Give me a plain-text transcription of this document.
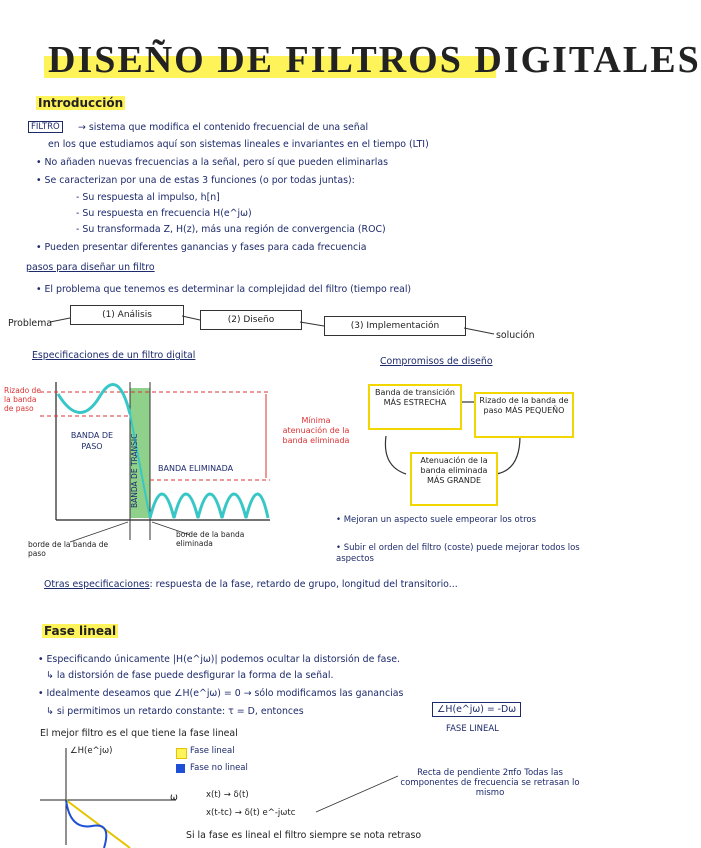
DISEÑO DE FILTROS DIGITALES
Introducción
FILTRO	→ sistema que modifica el contenido frecuencial de una señal
en los que estudiamos aquí son sistemas lineales e invariantes en el tiempo (LTI)
• No añaden nuevas frecuencias a la señal, pero sí que pueden eliminarlas
• Se caracterizan por una de estas 3 funciones (o por todas juntas):
- Su respuesta al impulso, h[n]
- Su respuesta en frecuencia H(e^jω)
- Su transformada Z, H(z), más una región de convergencia (ROC)
• Pueden presentar diferentes ganancias y fases para cada frecuencia
pasos para diseñar un filtro
• El problema que tenemos es determinar la complejidad del filtro (tiempo real)
Problema
(1) Análisis	(2) Diseño
(3) Implementación
solución
Especificaciones de un filtro digital
Compromisos de diseño
Rizado de la banda de paso
BANDA DE PASO	BANDA DE TRANSIC BANDA ELIMINADA
Mínima atenuación de la banda eliminada
borde de la banda de paso
borde de la banda eliminada
Banda de transición MÁS ESTRECHA	Rizado de la banda de paso MÁS PEQUEÑO
Atenuación de la banda eliminada MÁS GRANDE
• Mejoran un aspecto suele empeorar los otros
• Subir el orden del filtro (coste) puede mejorar todos los aspectos
Otras especificaciones: respuesta de la fase, retardo de grupo, longitud del transitorio...
Fase lineal
• Especificando únicamente |H(e^jω)| podemos ocultar la distorsión de fase.
↳ la distorsión de fase puede desfigurar la forma de la señal.
• Idealmente deseamos que ∠H(e^jω) = 0 → sólo modificamos las ganancias
↳ si permitimos un retardo constante: τ = D, entonces	∠H(e^jω) = -Dω
FASE LINEAL
El mejor filtro es el que tiene la fase lineal
∠H(e^jω)	Fase lineal
Fase no lineal
ω	x(t) → δ(t)
x(t-tc) → δ(t) e^-jωtc
Recta de pendiente 2πfo Todas las componentes de frecuencia se retrasan lo mismo
Si la fase es lineal el filtro siempre se nota retraso
